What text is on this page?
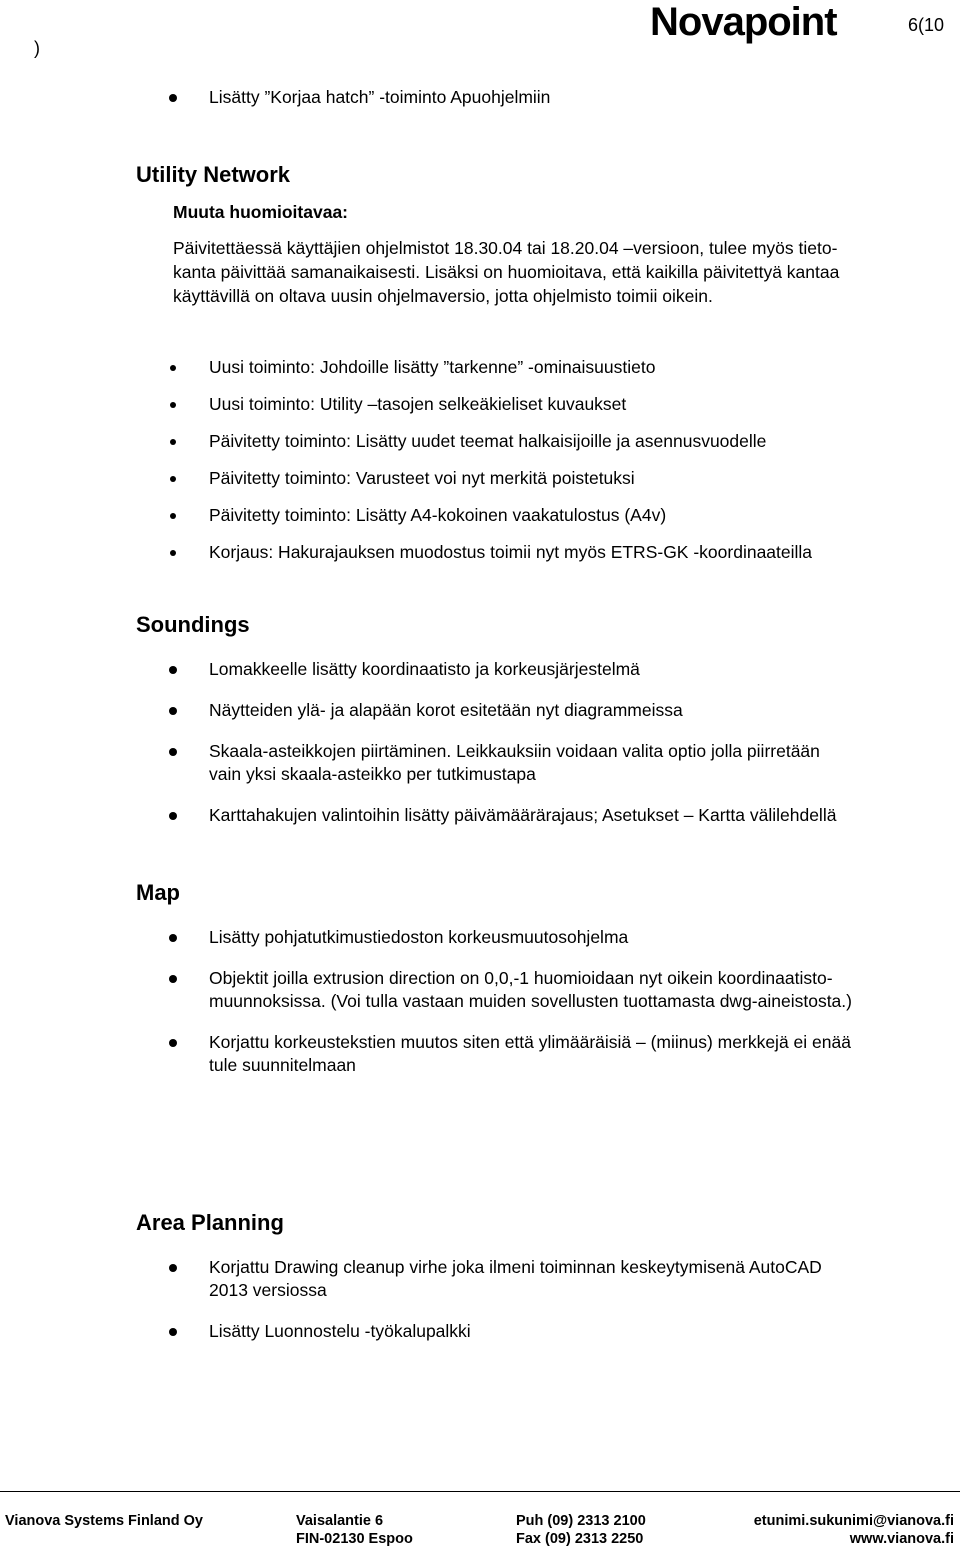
)
Novapoint	6(10
Lisätty ”Korjaa hatch” -toiminto Apuohjelmiin
Utility Network
Muuta huomioitavaa:
Päivitettäessä käyttäjien ohjelmistot 18.30.04 tai 18.20.04 –versioon, tulee myös tieto-
kanta päivittää samanaikaisesti. Lisäksi on huomioitava, että kaikilla päivitettyä kantaa
käyttävillä on oltava uusin ohjelmaversio, jotta ohjelmisto toimii oikein.
Uusi toiminto: Johdoille lisätty ”tarkenne” -ominaisuustieto
Uusi toiminto: Utility –tasojen selkeäkieliset kuvaukset
Päivitetty toiminto: Lisätty uudet teemat halkaisijoille ja asennusvuodelle
Päivitetty toiminto: Varusteet voi nyt merkitä poistetuksi
Päivitetty toiminto: Lisätty A4-kokoinen vaakatulostus (A4v)
Korjaus: Hakurajauksen muodostus toimii nyt myös ETRS-GK -koordinaateilla
Soundings
Lomakkeelle lisätty koordinaatisto ja korkeusjärjestelmä
Näytteiden ylä- ja alapään korot esitetään nyt diagrammeissa
Skaala-asteikkojen piirtäminen. Leikkauksiin voidaan valita optio jolla piirretään
vain yksi skaala-asteikko per tutkimustapa
Karttahakujen valintoihin lisätty päivämäärärajaus; Asetukset – Kartta välilehdellä
Map
Lisätty pohjatutkimustiedoston korkeusmuutosohjelma
Objektit joilla extrusion direction on 0,0,-1 huomioidaan nyt oikein koordinaatisto-
muunnoksissa. (Voi tulla vastaan muiden sovellusten tuottamasta dwg-aineistosta.)
Korjattu korkeustekstien muutos siten että ylimääräisiä – (miinus) merkkejä ei enää
tule suunnitelmaan
Area Planning
Korjattu Drawing cleanup virhe joka ilmeni toiminnan keskeytymisenä AutoCAD
2013 versiossa
Lisätty Luonnostelu -työkalupalkki
Vianova Systems Finland Oy	Vaisalantie 6
FIN-02130 Espoo
Puh (09) 2313 2100
Fax (09) 2313 2250
etunimi.sukunimi@vianova.fi
www.vianova.fi
